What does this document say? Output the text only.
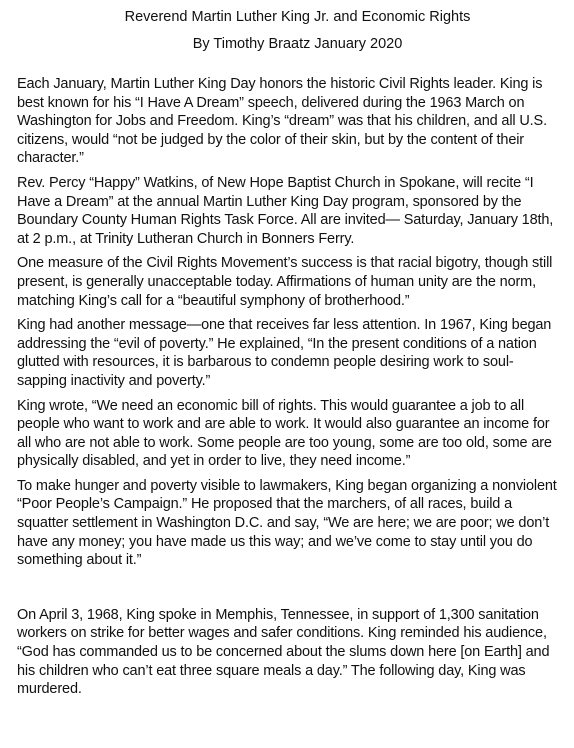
Reverend Martin Luther King Jr. and Economic Rights
By Timothy Braatz January 2020

Each January, Martin Luther King Day honors the historic Civil Rights leader. King is best known for his “I Have A Dream” speech, delivered during the 1963 March on Washington for Jobs and Freedom. King’s “dream” was that his children, and all U.S. citizens, would “not be judged by the color of their skin, but by the content of their character.”

Rev. Percy “Happy” Watkins, of New Hope Baptist Church in Spokane, will recite “I Have a Dream” at the annual Martin Luther King Day program, sponsored by the Boundary County Human Rights Task Force. All are invited— Saturday, January 18th, at 2 p.m., at Trinity Lutheran Church in Bonners Ferry.

One measure of the Civil Rights Movement’s success is that racial bigotry, though still present, is generally unacceptable today. Affirmations of human unity are the norm, matching King’s call for a “beautiful symphony of brotherhood.”

King had another message—one that receives far less attention. In 1967, King began addressing the “evil of poverty.” He explained, “In the present conditions of a nation glutted with resources, it is barbarous to condemn people desiring work to soul-sapping inactivity and poverty.”

King wrote, “We need an economic bill of rights. This would guarantee a job to all people who want to work and are able to work. It would also guarantee an income for all who are not able to work. Some people are too young, some are too old, some are physically disabled, and yet in order to live, they need income.”

To make hunger and poverty visible to lawmakers, King began organizing a nonviolent “Poor People’s Campaign.” He proposed that the marchers, of all races, build a squatter settlement in Washington D.C. and say, “We are here; we are poor; we don’t have any money; you have made us this way; and we’ve come to stay until you do something about it.”

On April 3, 1968, King spoke in Memphis, Tennessee, in support of 1,300 sanitation workers on strike for better wages and safer conditions. King reminded his audience, “God has commanded us to be concerned about the slums down here [on Earth] and his children who can’t eat three square meals a day.” The following day, King was murdered.
